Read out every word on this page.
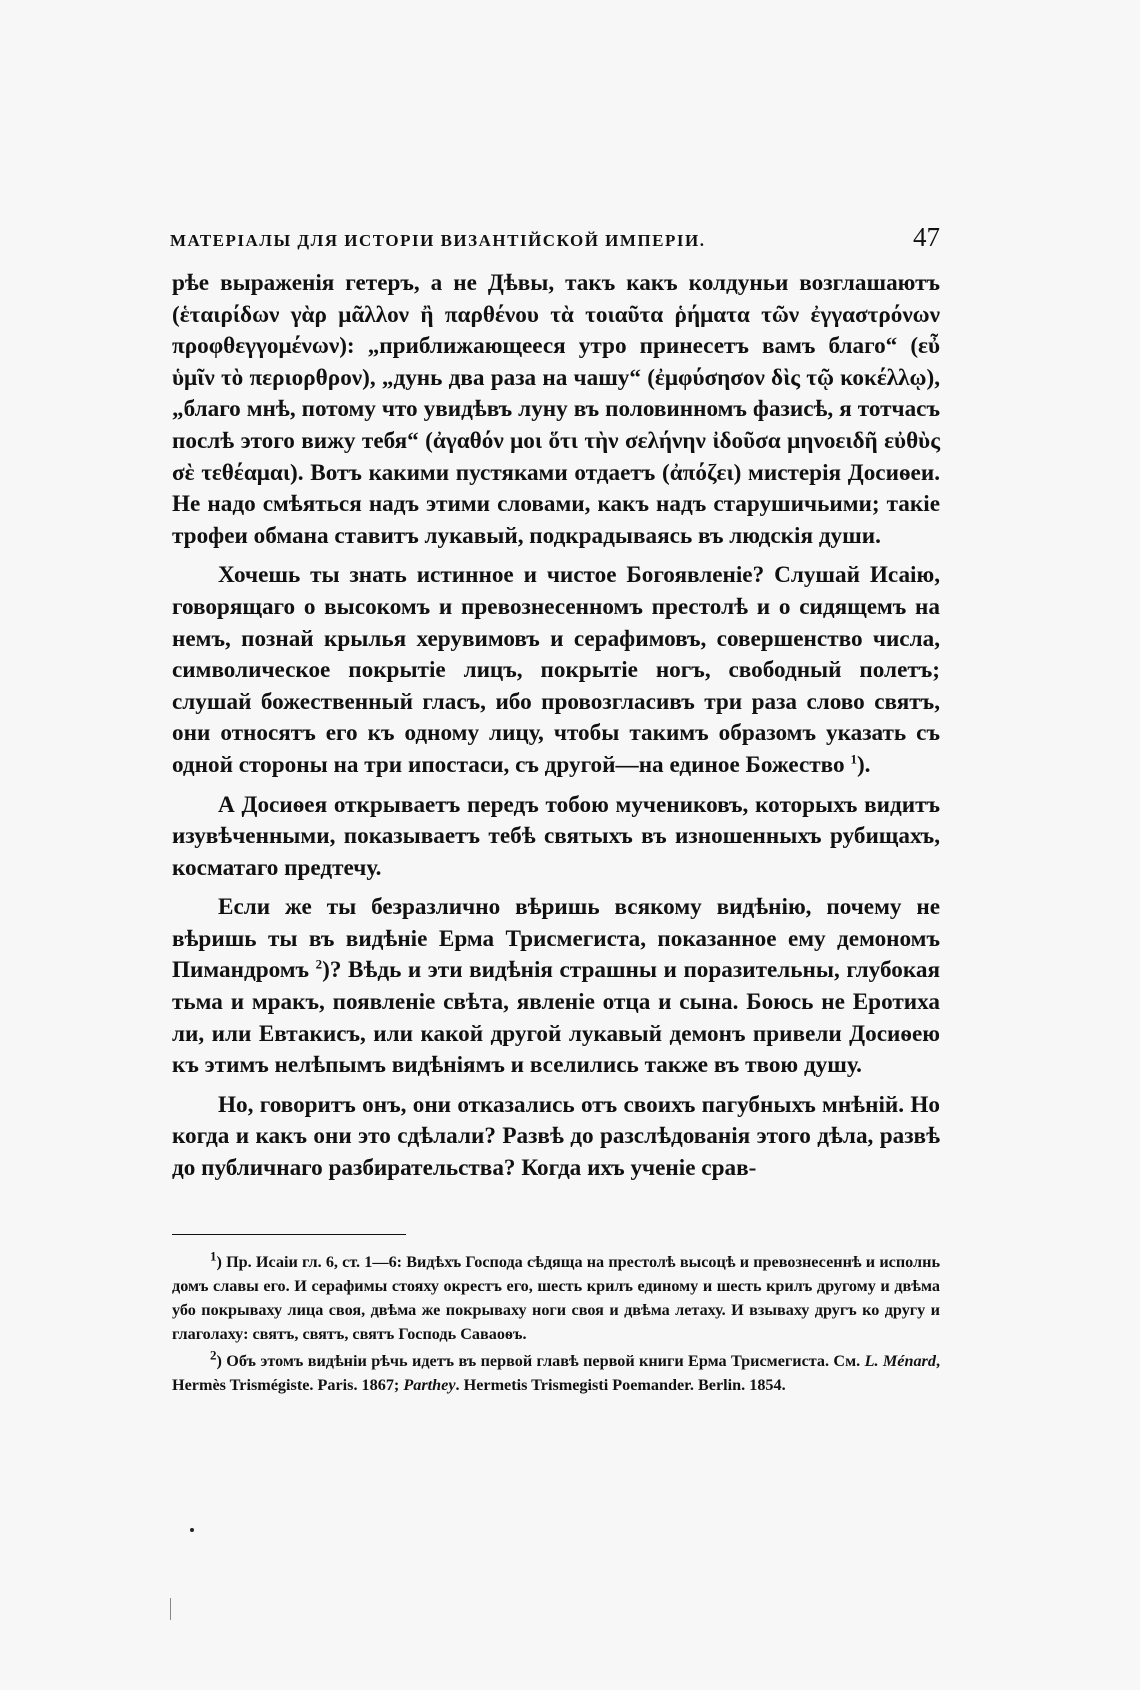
МАТЕРІАЛЫ ДЛЯ ИСТОРІИ ВИЗАНТІЙСКОЙ ИМПЕРІИ.	47

рѣе выраженія гетеръ, а не Дѣвы, такъ какъ колдуньи возглашаютъ (ἑταιρίδων γὰρ μᾶλλον ἢ παρθένου τὰ τοιαῦτα ῥήματα τῶν ἐγγαστρόνων προφθεγγομένων): „приближающееся утро принесетъ вамъ благо“ (εὖ ὑμῖν τὸ περιορθρον), „дунь два раза на чашу“ (ἐμφύσησον δὶς τῷ κοκέλλῳ), „благо мнѣ, потому что увидѣвъ луну въ половинномъ фазисѣ, я тотчасъ послѣ этого вижу тебя“ (ἀγαθόν μοι ὅτι τὴν σελήνην ἰδοῦσα μηνοειδῆ εὐθὺς σὲ τεθέαμαι). Вотъ какими пустяками отдаетъ (ἀπόζει) мистерія Досиѳеи. Не надо смѣяться надъ этими словами, какъ надъ старушичьими; такіе трофеи обмана ставитъ лукавый, подкрадываясь въ людскія души.

Хочешь ты знать истинное и чистое Богоявленіе? Слушай Исаію, говорящаго о высокомъ и превознесенномъ престолѣ и о сидящемъ на немъ, познай крылья херувимовъ и серафимовъ, совершенство числа, символическое покрытіе лицъ, покрытіе ногъ, свободный полетъ; слушай божественный гласъ, ибо провозгласивъ три раза слово святъ, они относятъ его къ одному лицу, чтобы такимъ образомъ указать съ одной стороны на три ипостаси, съ другой—на единое Божество $^1$).

А Досиѳея открываетъ передъ тобою мучениковъ, которыхъ видитъ изувѣченными, показываетъ тебѣ святыхъ въ изношенныхъ рубищахъ, косматаго предтечу.

Если же ты безразлично вѣришь всякому видѣнію, почему не вѣришь ты въ видѣніе Ерма Трисмегиста, показанное ему демономъ Пимандромъ $^2$)? Вѣдь и эти видѣнія страшны и поразительны, глубокая тьма и мракъ, появленіе свѣта, явленіе отца и сына. Боюсь не Еротиха ли, или Евтакисъ, или какой другой лукавый демонъ привели Досиѳею къ этимъ нелѣпымъ видѣніямъ и вселились также въ твою душу.

Но, говоритъ онъ, они отказались отъ своихъ пагубныхъ мнѣній. Но когда и какъ они это сдѣлали? Развѣ до разслѣдованія этого дѣла, развѣ до публичнаго разбирательства? Когда ихъ ученіе срав-

$^1$) Пр. Исаіи гл. 6, ст. 1—6: Видѣхъ Господа сѣдяща на престолѣ высоцѣ и превознесеннѣ и исполнь домъ славы его. И серафимы стояху окрестъ его, шесть крилъ единому и шесть крилъ другому и двѣма убо покрываху лица своя, двѣма же покрываху ноги своя и двѣма летаху. И взываху другъ ко другу и глаголаху: святъ, святъ, святъ Господь Саваоѳъ.

$^2$) Объ этомъ видѣніи рѣчь идетъ въ первой главѣ первой книги Ерма Трисмегиста. См. L. Ménard, Hermès Trismégiste. Paris. 1867; Parthey. Hermetis Trismegisti Poemander. Berlin. 1854.
